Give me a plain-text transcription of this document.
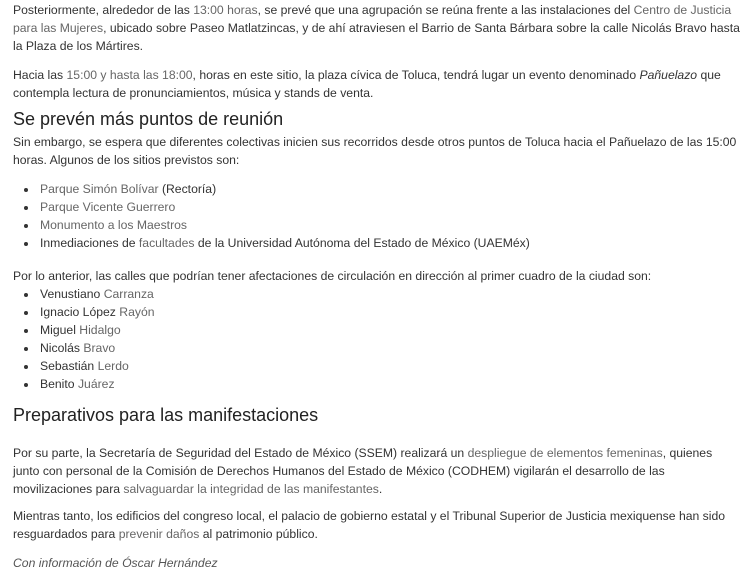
Posteriormente, alrededor de las 13:00 horas, se prevé que una agrupación se reúna frente a las instalaciones del Centro de Justicia para las Mujeres, ubicado sobre Paseo Matlatzincas, y de ahí atraviesen el Barrio de Santa Bárbara sobre la calle Nicolás Bravo hasta la Plaza de los Mártires.

Hacia las 15:00 y hasta las 18:00, horas en este sitio, la plaza cívica de Toluca, tendrá lugar un evento denominado Pañuelazo que contempla lectura de pronunciamientos, música y stands de venta.

Se prevén más puntos de reunión

Sin embargo, se espera que diferentes colectivas inicien sus recorridos desde otros puntos de Toluca hacia el Pañuelazo de las 15:00 horas. Algunos de los sitios previstos son:

• Parque Simón Bolívar (Rectoría)
• Parque Vicente Guerrero
• Monumento a los Maestros
• Inmediaciones de facultades de la Universidad Autónoma del Estado de México (UAEMéx)

Por lo anterior, las calles que podrían tener afectaciones de circulación en dirección al primer cuadro de la ciudad son:

• Venustiano Carranza
• Ignacio López Rayón
• Miguel Hidalgo
• Nicolás Bravo
• Sebastián Lerdo
• Benito Juárez
Preparativos para las manifestaciones

Por su parte, la Secretaría de Seguridad del Estado de México (SSEM) realizará un despliegue de elementos femeninas, quienes junto con personal de la Comisión de Derechos Humanos del Estado de México (CODHEM) vigilarán el desarrollo de las movilizaciones para salvaguardar la integridad de las manifestantes.

Mientras tanto, los edificios del congreso local, el palacio de gobierno estatal y el Tribunal Superior de Justicia mexiquense han sido resguardados para prevenir daños al patrimonio público.

Con información de Óscar Hernández
